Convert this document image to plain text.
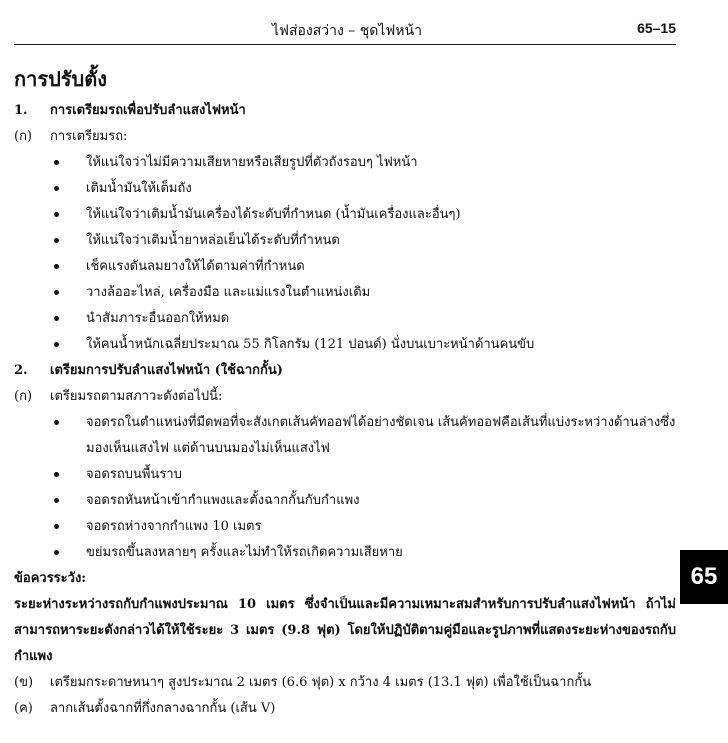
ไฟส่องสว่าง – ชุดไฟหน้า	65–15
การปรับตั้ง
1.	การเตรียมรถเพื่อปรับลำแสงไฟหน้า
(ก)	การเตรียมรถ:
ให้แน่ใจว่าไม่มีความเสียหายหรือเสียรูปที่ตัวถังรอบๆ ไฟหน้า
เติมน้ำมันให้เต็มถัง
ให้แน่ใจว่าเติมน้ำมันเครื่องได้ระดับที่กำหนด (น้ำมันเครื่องและอื่นๆ)
ให้แน่ใจว่าเติมน้ำยาหล่อเย็นได้ระดับที่กำหนด
เช็คแรงดันลมยางให้ได้ตามค่าที่กำหนด
วางล้ออะไหล่, เครื่องมือ และแม่แรงในตำแหน่งเดิม
นำสัมภาระอื่นออกให้หมด
ให้คนน้ำหนักเฉลี่ยประมาณ 55 กิโลกรัม (121 ปอนด์) นั่งบนเบาะหน้าด้านคนขับ
2.	เตรียมการปรับลำแสงไฟหน้า (ใช้ฉากกั้น)
(ก)	เตรียมรถตามสภาวะดังต่อไปนี้:
จอดรถในตำแหน่งที่มืดพอที่จะสังเกตเส้นคัทออฟได้อย่างชัดเจน เส้นคัทออฟคือเส้นที่แบ่งระหว่างด้านล่างซึ่งมองเห็นแสงไฟ แต่ด้านบนมองไม่เห็นแสงไฟ
จอดรถบนพื้นราบ
จอดรถหันหน้าเข้ากำแพงและตั้งฉากกั้นกับกำแพง
จอดรถห่างจากกำแพง 10 เมตร
ขย่มรถขึ้นลงหลายๆ ครั้งและไม่ทำให้รถเกิดความเสียหาย
ข้อควรระวัง:
ระยะห่างระหว่างรถกับกำแพงประมาณ 10 เมตร ซึ่งจำเป็นและมีความเหมาะสมสำหรับการปรับลำแสงไฟหน้า ถ้าไม่สามารถหาระยะดังกล่าวได้ให้ใช้ระยะ 3 เมตร (9.8 ฟุต) โดยให้ปฏิบัติตามคู่มือและรูปภาพที่แสดงระยะห่างของรถกับกำแพง
(ข)	เตรียมกระดาษหนาๆ สูงประมาณ 2 เมตร (6.6 ฟุต) x กว้าง 4 เมตร (13.1 ฟุต) เพื่อใช้เป็นฉากกั้น
(ค)	ลากเส้นตั้งฉากที่กึ่งกลางฉากกั้น (เส้น V)
65
